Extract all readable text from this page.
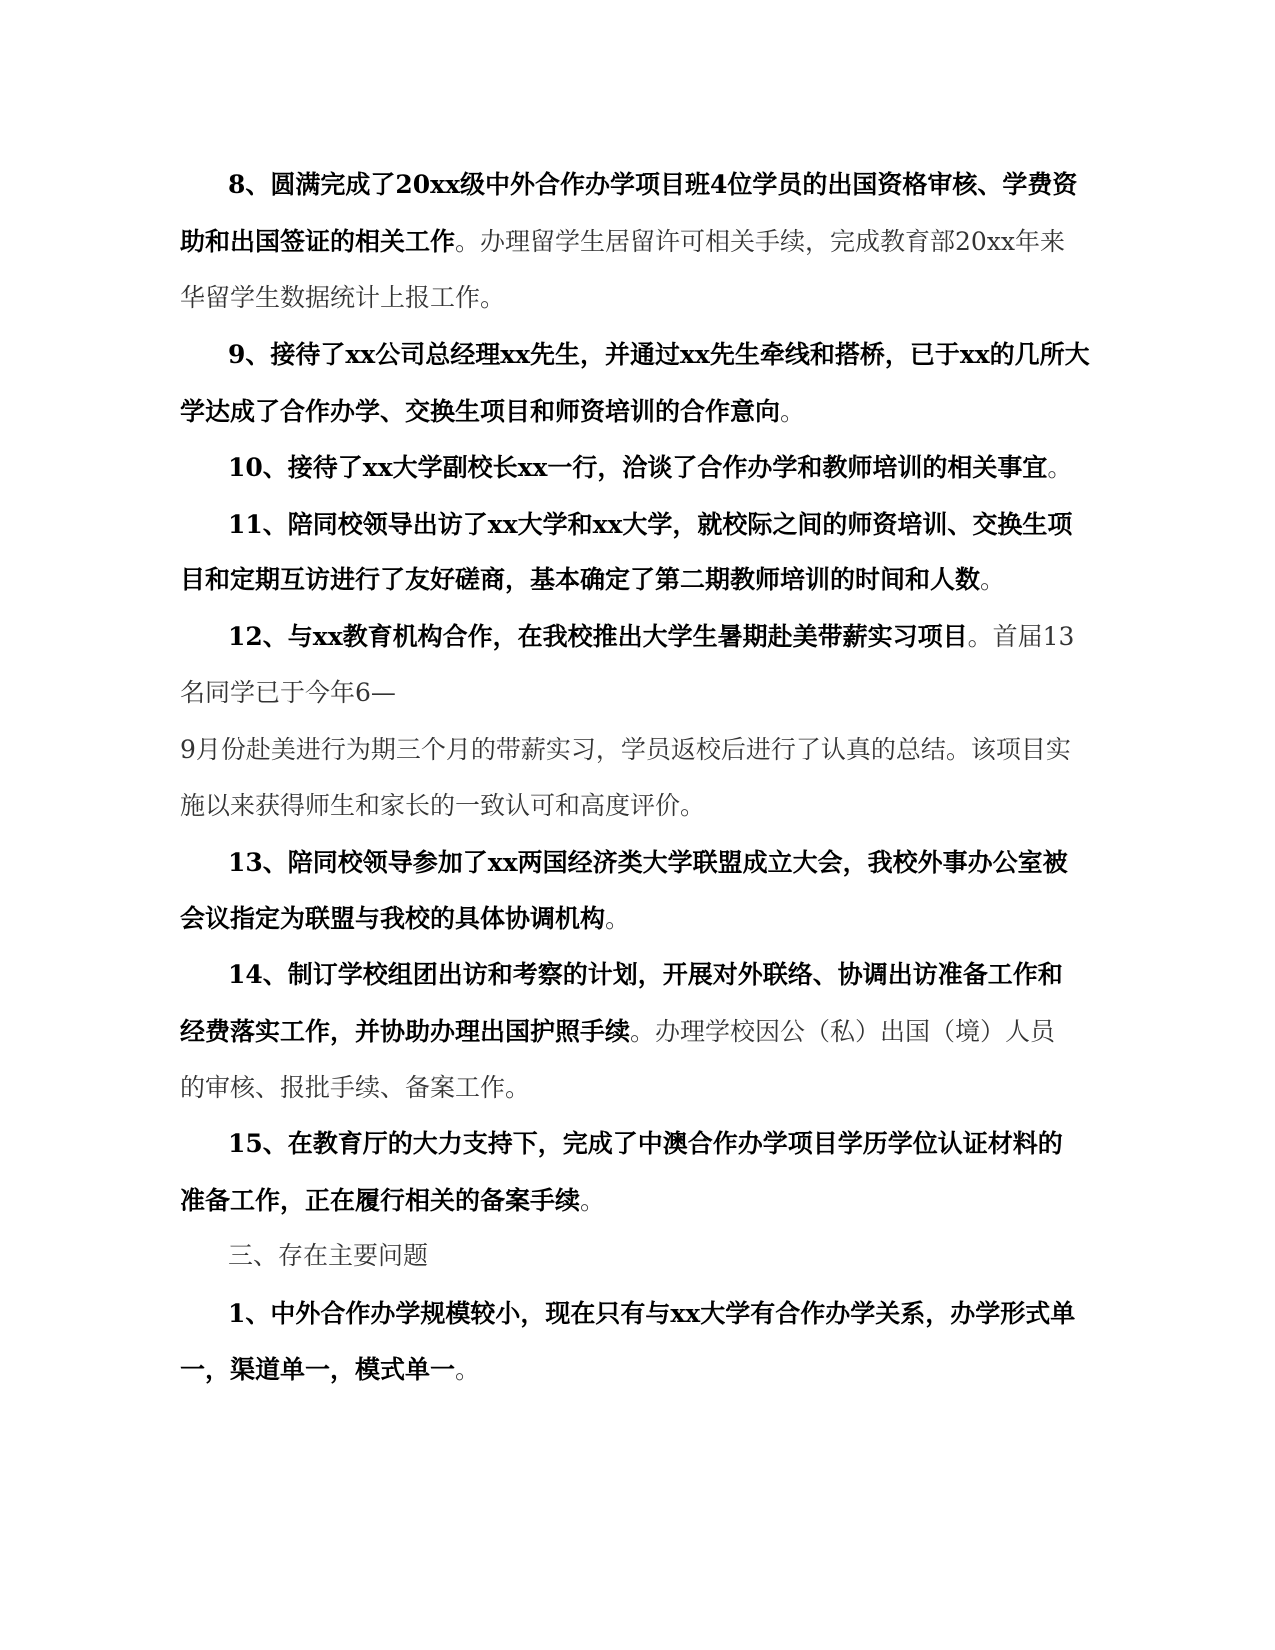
8、圆满完成了20xx级中外合作办学项目班4位学员的出国资格审核、学费资
助和出国签证的相关工作。办理留学生居留许可相关手续，完成教育部20xx年来
华留学生数据统计上报工作。
9、接待了xx公司总经理xx先生，并通过xx先生牵线和搭桥，已于xx的几所大
学达成了合作办学、交换生项目和师资培训的合作意向。
10、接待了xx大学副校长xx一行，洽谈了合作办学和教师培训的相关事宜。
11、陪同校领导出访了xx大学和xx大学，就校际之间的师资培训、交换生项
目和定期互访进行了友好磋商，基本确定了第二期教师培训的时间和人数。
12、与xx教育机构合作，在我校推出大学生暑期赴美带薪实习项目。首届13
名同学已于今年6—
9月份赴美进行为期三个月的带薪实习，学员返校后进行了认真的总结。该项目实
施以来获得师生和家长的一致认可和高度评价。
13、陪同校领导参加了xx两国经济类大学联盟成立大会，我校外事办公室被
会议指定为联盟与我校的具体协调机构。
14、制订学校组团出访和考察的计划，开展对外联络、协调出访准备工作和
经费落实工作，并协助办理出国护照手续。办理学校因公（私）出国（境）人员
的审核、报批手续、备案工作。
15、在教育厅的大力支持下，完成了中澳合作办学项目学历学位认证材料的
准备工作，正在履行相关的备案手续。
三、存在主要问题
1、中外合作办学规模较小，现在只有与xx大学有合作办学关系，办学形式单
一，渠道单一，模式单一。
